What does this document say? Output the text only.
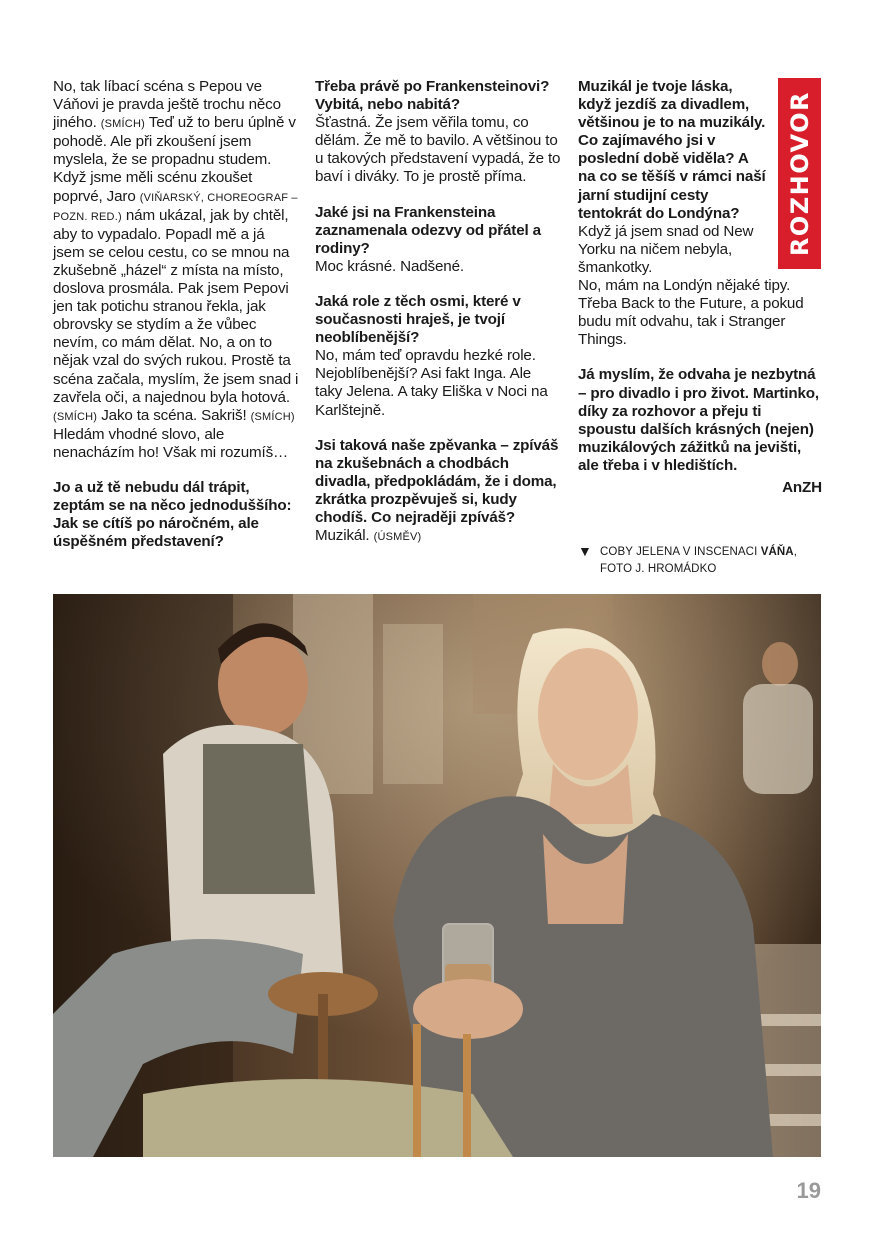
No, tak líbací scéna s Pepou ve Váňovi je pravda ještě trochu něco jiného. (SMÍCH) Teď už to beru úplně v pohodě. Ale při zkoušení jsem myslela, že se propadnu studem. Když jsme měli scénu zkoušet poprvé, Jaro (VIŇARSKÝ, CHOREOGRAF – POZN. RED.) nám ukázal, jak by chtěl, aby to vypadalo. Popadl mě a já jsem se celou cestu, co se mnou na zkušebně „házel“ z místa na místo, doslova prosmála. Pak jsem Pepovi jen tak potichu stranou řekla, jak obrovsky se stydím a že vůbec nevím, co mám dělat. No, a on to nějak vzal do svých rukou. Prostě ta scéna začala, myslím, že jsem snad i zavřela oči, a najednou byla hotová. (SMÍCH) Jako ta scéna. Sakriš! (SMÍCH) Hledám vhodné slovo, ale nenacházím ho! Však mi rozumíš…

Jo a už tě nebudu dál trápit, zeptám se na něco jednoduššího: Jak se cítíš po náročném, ale úspěšném představení?

Třeba právě po Frankensteinovi? Vybitá, nebo nabitá?

Šťastná. Že jsem věřila tomu, co dělám. Že mě to bavilo. A většinou to u takových představení vypadá, že to baví i diváky. To je prostě příma.

Jaké jsi na Frankensteina zaznamenala odezvy od přátel a rodiny?

Moc krásné. Nadšené.

Jaká role z těch osmi, které v současnosti hraješ, je tvojí neoblíbenější?

No, mám teď opravdu hezké role. Nejoblíbenější? Asi fakt Inga. Ale taky Jelena. A taky Eliška v Noci na Karlštejně.

Jsi taková naše zpěvanka – zpíváš na zkušebnách a chodbách divadla, předpokládám, že i doma, zkrátka prozpěvuješ si, kudy chodíš. Co nejraději zpíváš?

Muzikál. (ÚSMĚV)

Muzikál je tvoje láska, když jezdíš za divadlem, většinou je to na muzikály. Co zajímavého jsi v poslední době viděla? A na co se těšíš v rámci naší jarní studijní cesty tentokrát do Londýna?

Když já jsem snad od New Yorku na ničem nebyla, šmankotky.

No, mám na Londýn nějaké tipy. Třeba Back to the Future, a pokud budu mít odvahu, tak i Stranger Things.

Já myslím, že odvaha je nezbytná – pro divadlo i pro život. Martinko, díky za rozhovor a přeju ti spoustu dalších krásných (nejen) muzikálových zážitků na jevišti, ale třeba i v hledištích.

AnZH
▼ COBY JELENA V INSCENACI VÁŇA, FOTO J. HROMÁDKO
ROZHOVOR
19
